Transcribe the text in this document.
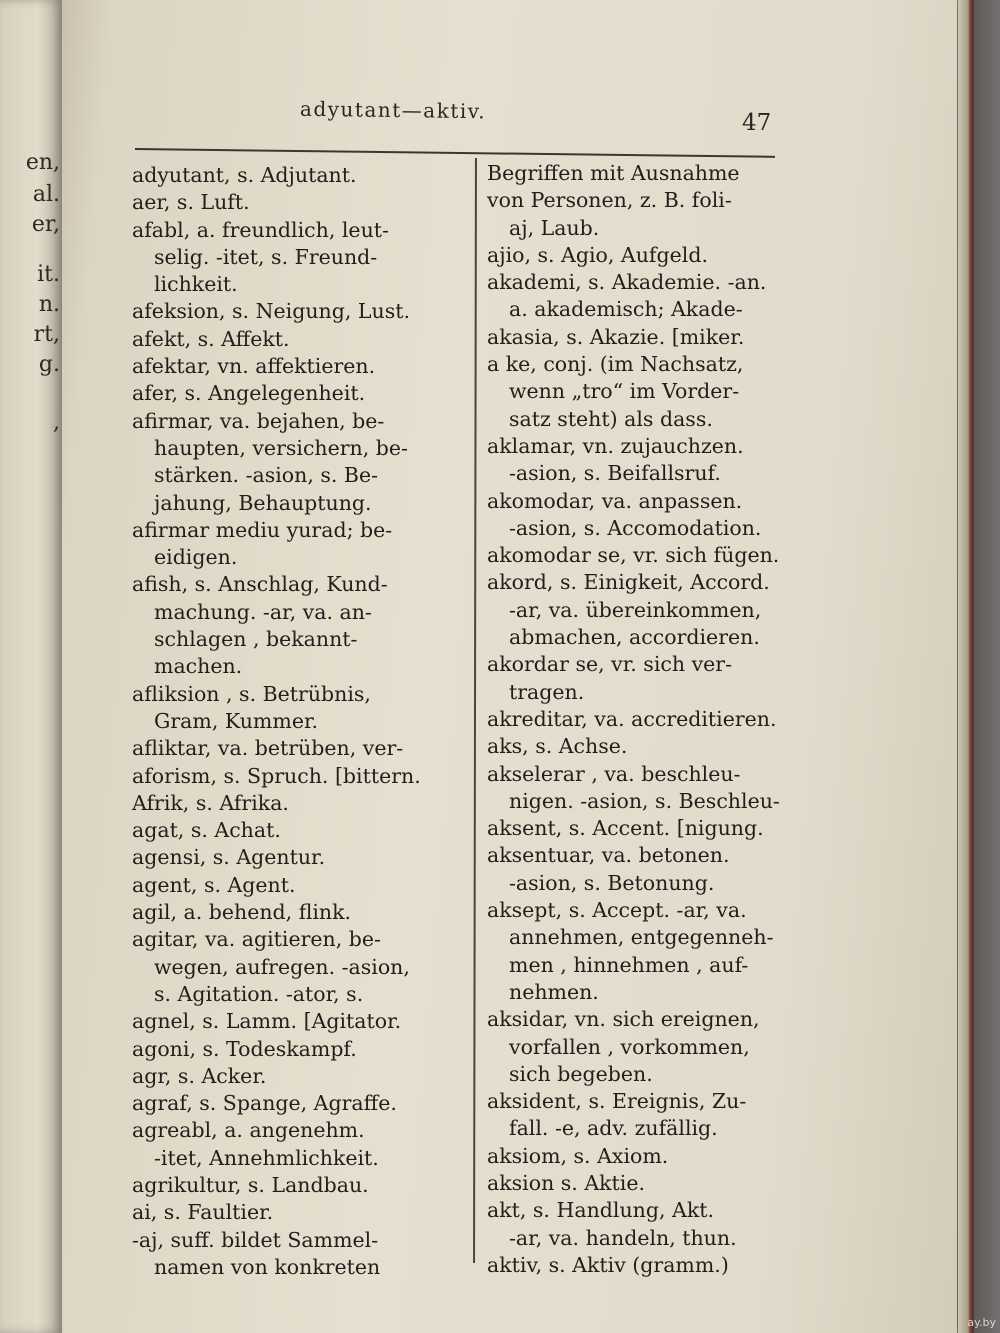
en,
al.
er,
it.
n.
rt,
g.
,
adyutant—aktiv.	47
adyutant, s. Adjutant.
aer, s. Luft.
afabl, a. freundlich, leut-
selig. -itet, s. Freund-
lichkeit.
afeksion, s. Neigung, Lust.
afekt, s. Affekt.
afektar, vn. affektieren.
afer, s. Angelegenheit.
afirmar, va. bejahen, be-
haupten, versichern, be-
stärken. -asion, s. Be-
jahung, Behauptung.
afirmar mediu yurad; be-
eidigen.
afish, s. Anschlag, Kund-
machung. -ar, va. an-
schlagen , bekannt-
machen.
afliksion , s. Betrübnis,
Gram, Kummer.
afliktar, va. betrüben, ver-
aforism, s. Spruch. [bittern.
Afrik, s. Afrika.
agat, s. Achat.
agensi, s. Agentur.
agent, s. Agent.
agil, a. behend, flink.
agitar, va. agitieren, be-
wegen, aufregen. -asion,
s. Agitation. -ator, s.
agnel, s. Lamm. [Agitator.
agoni, s. Todeskampf.
agr, s. Acker.
agraf, s. Spange, Agraffe.
agreabl, a. angenehm.
-itet, Annehmlichkeit.
agrikultur, s. Landbau.
ai, s. Faultier.
-aj, suff. bildet Sammel-
namen von konkreten
Begriffen mit Ausnahme
von Personen, z. B. foli-
aj, Laub.
ajio, s. Agio, Aufgeld.
akademi, s. Akademie. -an.
a. akademisch; Akade-
akasia, s. Akazie. [miker.
a ke, conj. (im Nachsatz,
wenn „tro“ im Vorder-
satz steht) als dass.
aklamar, vn. zujauchzen.
-asion, s. Beifallsruf.
akomodar, va. anpassen.
-asion, s. Accomodation.
akomodar se, vr. sich fügen.
akord, s. Einigkeit, Accord.
-ar, va. übereinkommen,
abmachen, accordieren.
akordar se, vr. sich ver-
tragen.
akreditar, va. accreditieren.
aks, s. Achse.
akselerar , va. beschleu-
nigen. -asion, s. Beschleu-
aksent, s. Accent. [nigung.
aksentuar, va. betonen.
-asion, s. Betonung.
aksept, s. Accept. -ar, va.
annehmen, entgegenneh-
men , hinnehmen , auf-
nehmen.
aksidar, vn. sich ereignen,
vorfallen , vorkommen,
sich begeben.
aksident, s. Ereignis, Zu-
fall. -e, adv. zufällig.
aksiom, s. Axiom.
aksion s. Aktie.
akt, s. Handlung, Akt.
-ar, va. handeln, thun.
aktiv, s. Aktiv (gramm.)
ay.by
